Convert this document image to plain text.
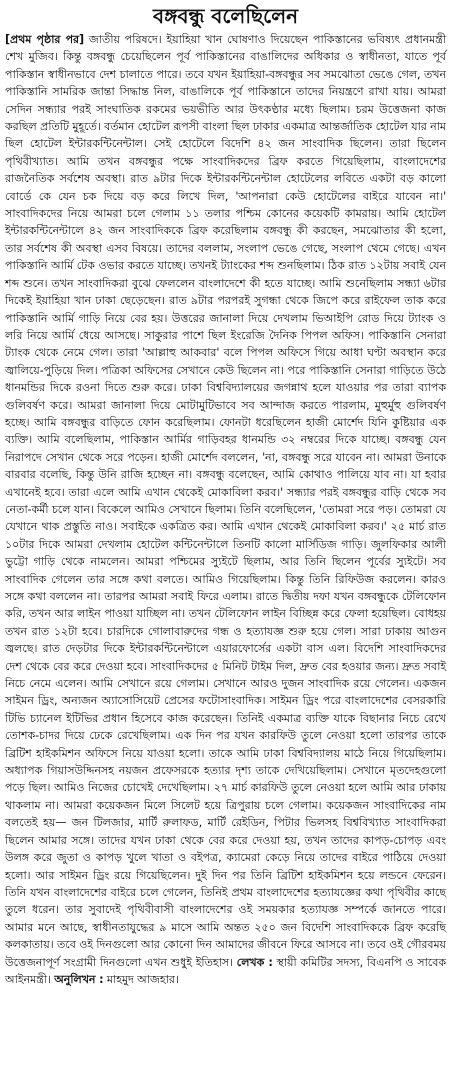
বঙ্গবন্ধু বলেছিলেন

[প্রথম পৃষ্ঠার পর] জাতীয় পরিষদে। ইয়াহিয়া খান ঘোষণাও দিয়েছেন পাকিস্তানের ভবিষ্যৎ প্রধানমন্ত্রী শেখ মুজিব। কিন্তু বঙ্গবন্ধু চেয়েছিলেন পূর্ব পাকিস্তানের বাঙালিদের অধিকার ও স্বাধীনতা, যাতে পূর্ব পাকিস্তান স্বাধীনভাবে দেশ চালাতে পারে। তবে যখন ইয়াহিয়া-বঙ্গবন্ধুর সব সমঝোতা ভেঙে গেল, তখন পাকিস্তানি সামরিক জান্তা সিদ্ধান্ত নিল, বাঙালিকে পূর্ব পাকিস্তানে তাদের নিয়ন্ত্রণে রাখা যায়। আমরা সেদিন সন্ধ্যার পরই সাংঘাতিক রকমের ভয়ভীতি আর উৎকণ্ঠার মধ্যে ছিলাম। চরম উত্তেজনা কাজ করছিল প্রতিটি মুহূর্তে। বর্তমান হোটেল রূপসী বাংলা ছিল ঢাকার একমাত্র আন্তর্জাতিক হোটেল যার নাম ছিল হোটেল ইন্টারকন্টিনেন্টাল। সেই হোটেলে বিদেশি ৪২ জন সাংবাদিক ছিলেন। তারা ছিলেন পৃথিবীখ্যাত। আমি তখন বঙ্গবন্ধুর পক্ষে সাংবাদিকদের ব্রিফ করতে গিয়েছিলাম, বাংলাদেশের রাজনৈতিক সর্বশেষ অবস্থা। রাত ৯টার দিকে ইন্টারকন্টিনেন্টাল হোটেলের লবিতে একটা বড় কালো বোর্ডে কে যেন চক দিয়ে বড় করে লিখে দিল, 'আপনারা কেউ হোটেলের বাইরে যাবেন না।' সাংবাদিকদের নিয়ে আমরা চলে গেলাম ১১ তলার পশ্চিম কোনের কয়েকটি কামরায়। আমি হোটেল ইন্টারকন্টিনেন্টালে ৪২ জন সাংবাদিককে ব্রিফ করেছিলাম বঙ্গবন্ধু কী করছেন, সমঝোতার কী হলো, তার সর্বশেষ কী অবস্থা এসব বিষয়ে। তাদের বললাম, সংলাপ ভেঙে গেছে, সংলাপ থেমে গেছে। এখন পাকিস্তানি আর্মি টেক ওভার করতে যাচ্ছে। তখনই ট্যাংকের শব্দ শুনছিলাম। ঠিক রাত ১২টায় সবাই যেন শব্দ শুনে। তখন সাংবাদিকরা বুঝে ফেললেন বাংলাদেশে কী হতে যাচ্ছে। আমি শুনেছিলাম সন্ধ্যা ৬টার দিকেই ইয়াহিয়া খান ঢাকা ছেড়েছেন। রাত ৯টার পরপরই সুগন্ধা থেকে জিপে করে রাইফেল তাক করে পাকিস্তানি আর্মি গাড়ি নিয়ে বের হয়। উত্তরের জানালা দিয়ে দেখলাম ভিআইপি রোড দিয়ে ট্যাংক ও লরি নিয়ে আর্মি ধেয়ে আসছে। সাকুরার পাশে ছিল ইংরেজি দৈনিক পিপল অফিস। পাকিস্তানি সেনারা ট্যাংক থেকে নেমে গেল। তারা 'আল্লাহু আকবার' বলে পিপল অফিসে গিয়ে আধা ঘণ্টা অবস্থান করে জ্বালিয়ে-পুড়িয়ে দিল। পত্রিকা অফিসের সেখানে কেউ ছিলেন না। পরে পাকিস্তানি সেনারা গাড়িতে উঠে ধানমন্ডির দিকে রওনা দিতে শুরু করে। ঢাকা বিশ্ববিদ্যালয়ের জগন্নাথ হলে যাওয়ার পর তারা ব্যাপক গুলিবর্ষণ করে। আমরা জানালা দিয়ে মোটামুটিভাবে সব আন্দাজ করতে পারলাম, মুহুর্মুহু গুলিবর্ষণ হচ্ছে। আমি বঙ্গবন্ধুর বাড়িতে ফোন করেছিলাম। ফোনটা ধরেছিলেন হাজী মোর্শেদ যিনি কুষ্টিয়ার এক ব্যক্তি। আমি বলেছিলাম, পাকিস্তান আর্মির গাড়িবহর ধানমন্ডি ৩২ নম্বরের দিকে যাচ্ছে। বঙ্গবন্ধু যেন নিরাপদে সেখান থেকে সরে পড়েন। হাজী মোর্শেদ বললেন, 'না, বঙ্গবন্ধু সরে যাবেন না। আমরা উনাকে বারবার বলেছি, কিন্তু উনি রাজি হচ্ছেন না। বঙ্গবন্ধু বলেছেন, আমি কোথাও পালিয়ে যাব না। যা হবার এখানেই হবে। তারা এলে আমি এখান থেকেই মোকাবিলা করব।' সন্ধ্যার পরই বঙ্গবন্ধুর বাড়ি থেকে সব নেতা-কর্মী চলে যান। বিকেলে আমিও সেখানে ছিলাম। তিনি বলেছিলেন, 'তোমরা সরে পড়। তোমরা যে যেখানে থাক প্রস্তুতি নাও। সবাইকে একত্রিত কর। আমি এখান থেকেই মোকাবিলা করব।' ২৫ মার্চ রাত ১০টার দিকে আমরা দেখলাম হোটেল কন্টিনেন্টালে তিনটি কালো মার্সিডিজ গাড়ি। জুলফিকার আলী ভুট্টো গাড়ি থেকে নামলেন। আমরা পশ্চিমের স্যুইটে ছিলাম, আর তিনি ছিলেন পূর্বের স্যুইটে। সব সাংবাদিক গেলেন তার সঙ্গে কথা বলতে। আমিও গিয়েছিলাম। কিন্তু তিনি রিফিউজ করলেন। কারও সঙ্গে কথা বললেন না। তারপর আমরা সবাই ফিরে এলাম। রাতে দ্বিতীয় দফা যখন বঙ্গবন্ধুকে টেলিফোন করি, তখন আর লাইন পাওয়া যাচ্ছিল না। তখন টেলিফোন লাইন বিচ্ছিন্ন করে ফেলা হয়েছিল। বোধহয় তখন রাত ১২টা হবে। চারদিকে গোলাবারুদের গন্ধ ও হত্যাযজ্ঞ শুরু হয়ে গেল। সারা ঢাকায় আগুন জ্বলছে। রাত দেড়টার দিকে ইন্টারকন্টিনেন্টালে এয়ারফোর্সের একটা বাস এল। বিদেশি সাংবাদিকদের দেশ থেকে বের করে দেওয়া হবে। সাংবাদিকদের ৫ মিনিট টাইম দিল, দ্রুত বের হওয়ার জন্য। দ্রুত সবাই নিচে নেমে এলেন। আমি সেখানে রয়ে গেলাম। সেখানে আরও দুজন সাংবাদিক রয়ে গেলেন। একজন সাইমন ড্রিং, অন্যজন অ্যাসোসিয়েট প্রেসের ফটোসাংবাদিক। সাইমন ড্রিং পরে বাংলাদেশের বেসরকারি টিভি চ্যানেল ইটিভির প্রধান হিসেবে কাজ করেছেন। তিনিই একমাত্র ব্যক্তি যাকে বিছানার নিচে রেখে তোশক-চাদর দিয়ে ঢেকে রেখেছিলাম। এক দিন পর যখন কারফিউ তুলে নেওয়া হলো তারপর তাকে ব্রিটিশ হাইকমিশন অফিসে নিয়ে যাওয়া হলো। তাকে আমি ঢাকা বিশ্ববিদ্যালয় মাঠে নিয়ে গিয়েছিলাম। অধ্যাপক গিয়াসউদ্দিনসহ নয়জন প্রফেসরকে হত্যার দৃশ্য তাকে দেখিয়েছিলাম। সেখানে মৃতদেহগুলো পড়ে ছিল। আমিও নিজের চোখেই দেখেছিলাম। ২৭ মার্চ কারফিউ তুলে নেওয়া হলে আমি আর ঢাকায় থাকলাম না। আমরা কয়েকজন মিলে সিলেট হয়ে ত্রিপুরায় চলে গেলাম। কয়েকজন সাংবাদিকের নাম বলতেই হয়— জন টিলজার, মার্টি রুলাফড, মার্টি রেইডিন, পিটার ভিলসহ বিশ্ববিখ্যাত সাংবাদিকরা ছিলেন আমার সঙ্গে। তাদের যখন ঢাকা থেকে বের করে দেওয়া হয়, তখন তাদের কাপড়-চোপড় এবং উলঙ্গ করে জুতা ও কাপড় খুলে খাতা ও বইপত্র, ক্যামেরা কেড়ে নিয়ে তাদের বাইরে পাঠিয়ে দেওয়া হলো। আর সাইমন ড্রিং রয়ে গিয়েছিলেন। দুই দিন পর তিনি ব্রিটিশ হাইকমিশন হয়ে লন্ডনে ফেরেন। তিনি যখন বাংলাদেশের বাইরে চলে গেলেন, তিনিই প্রথম বাংলাদেশের হত্যাযজ্ঞের কথা পৃথিবীর কাছে তুলে ধরেন। তার সুবাদেই পৃথিবীবাসী বাংলাদেশের ওই সময়কার হত্যাযজ্ঞ সম্পর্কে জানতে পারে। আমার মনে আছে, স্বাধীনতাযুদ্ধের ৯ মাসে আমি অন্তত ২৫০ জন বিদেশি সাংবাদিককে ব্রিফ করেছি কলকাতায়। তবে ওই দিনগুলো আর কোনো দিন আমাদের জীবনে ফিরে আসবে না। তবে ওই গৌরবময় উত্তেজনাপূর্ণ সংগ্রামী দিনগুলো এখন শুধুই ইতিহাস। লেখক : স্থায়ী কমিটির সদস্য, বিএনপি ও সাবেক আইনমন্ত্রী। অনুলিখন : মাহমুদ আজহার।
